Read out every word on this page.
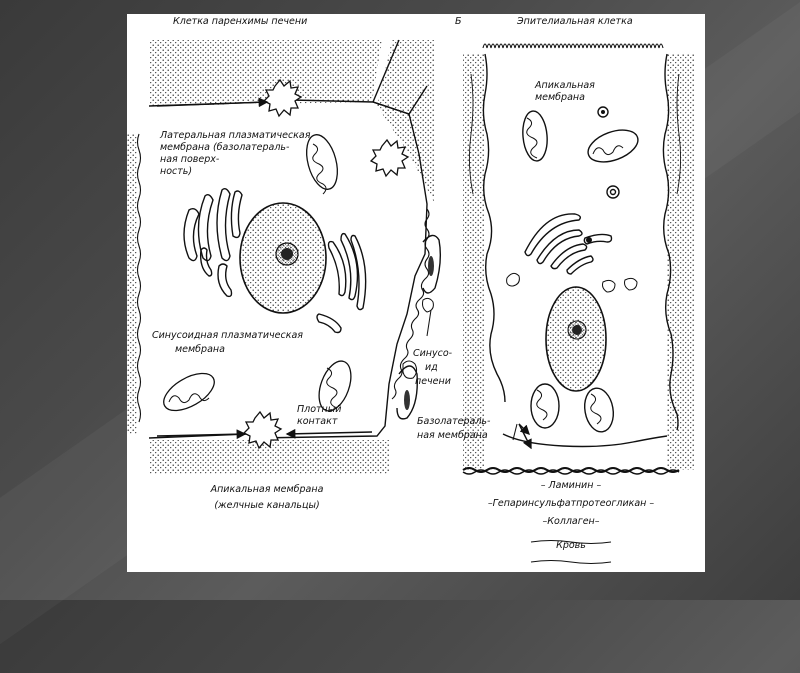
Клетка паренхимы печени
Латеральная плазматическая
мембрана (базолатераль-
ная поверх-
ность)
Синусоидная плазматическая
мембрана
Плотный
контакт
Синусо-
ид
печени
Апикальная мембрана
(желчные канальцы)
Б	Эпителиальная клетка
Апикальная
мембрана
Базолатераль-
ная мембрана
– Ламинин –
–Гепаринсульфатпротеогликан –
–Коллаген–
Кровь
